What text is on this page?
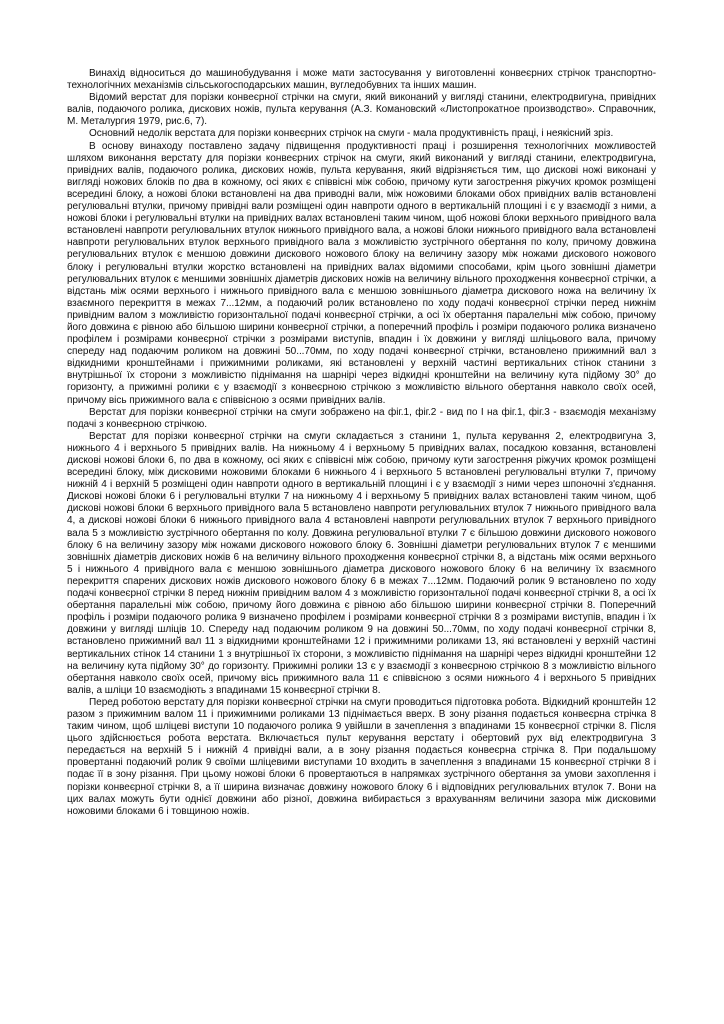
Винахід відноситься до машинобудування і може мати застосування у виготовленні конвеєрних стрічок транспортно-технологічних механізмів сільськогосподарських машин, вугледобувних та інших машин.

Відомий верстат для порізки конвеєрної стрічки на смуги, який виконаний у вигляді станини, електродвигуна, привідних валів, подаючого ролика, дискових ножів, пульта керування (А.З. Комановский «Листопрокатное производство». Справочник, М. Металургия 1979, рис.6, 7).

Основний недолік верстата для порізки конвеєрних стрічок на смуги - мала продуктивність праці, і неякісний зріз.

В основу винаходу поставлено задачу підвищення продуктивності праці і розширення технологічних можливостей шляхом виконання верстату для порізки конвеєрних стрічок на смуги, який виконаний у вигляді станини, електродвигуна, привідних валів, подаючого ролика, дискових ножів, пульта керування, який відрізняється тим, що дискові ножі виконані у вигляді ножових блоків по два в кожному, осі яких є співвісні між собою, причому кути загострення ріжучих кромок розміщені всередині блоку, а ножові блоки встановлені на два приводні вали, між ножовими блоками обох привідних валів встановлені регулювальні втулки, причому привідні вали розміщені один навпроти одного в вертикальній площині і є у взаємодії з ними, а ножові блоки і регулювальні втулки на привідних валах встановлені таким чином, щоб ножові блоки верхнього привідного вала встановлені навпроти регулювальних втулок нижнього привідного вала, а ножові блоки нижнього привідного вала встановлені навпроти регулювальних втулок верхнього привідного вала з можливістю зустрічного обертання по колу, причому довжина регулювальних втулок є меншою довжини дискового ножового блоку на величину зазору між ножами дискового ножового блоку і регулювальні втулки жорстко встановлені на привідних валах відомими способами, крім цього зовнішні діаметри регулювальних втулок є меншими зовнішніх діаметрів дискових ножів на величину вільного проходження конвеєрної стрічки, а відстань між осями верхнього і нижнього привідного вала є меншою зовнішнього діаметра дискового ножа на величину їх взаємного перекриття в межах 7...12мм, а подаючий ролик встановлено по ходу подачі конвеєрної стрічки перед нижнім привідним валом з можливістю горизонтальної подачі конвеєрної стрічки, а осі їх обертання паралельні між собою, причому його довжина є рівною або більшою ширини конвеєрної стрічки, а поперечний профіль і розміри подаючого ролика визначено профілем і розмірами конвеєрної стрічки з розмірами виступів, впадин і їх довжини у вигляді шліцьового вала, причому спереду над подаючим роликом на довжині 50...70мм, по ходу подачі конвеєрної стрічки, встановлено прижимний вал з відкидними кронштейнами і прижимними роликами, які встановлені у верхній частині вертикальних стінок станини з внутрішньої їх сторони з можливістю піднімання на шарнірі через відкидні кронштейни на величину кута підйому 30° до горизонту, а прижимні ролики є у взаємодії з конвеєрною стрічкою з можливістю вільного обертання навколо своїх осей, причому вісь прижимного вала є співвісною з осями привідних валів.

Верстат для порізки конвеєрної стрічки на смуги зображено на фіг.1, фіг.2 - вид по І на фіг.1, фіг.3 - взаємодія механізму подачі з конвеєрною стрічкою.

Верстат для порізки конвеєрної стрічки на смуги складається з станини 1, пульта керування 2, електродвигуна 3, нижнього 4 і верхнього 5 привідних валів. На нижньому 4 і верхньому 5 привідних валах, посадкою ковзання, встановлені дискові ножові блоки 6, по два в кожному, осі яких є співвісні між собою, причому кути загострення ріжучих кромок розміщені всередині блоку, між дисковими ножовими блоками 6 нижнього 4 і верхнього 5 встановлені регулювальні втулки 7, причому нижній 4 і верхній 5 розміщені один навпроти одного в вертикальній площині і є у взаємодії з ними через шпоночні з'єднання. Дискові ножові блоки 6 і регулювальні втулки 7 на нижньому 4 і верхньому 5 привідних валах встановлені таким чином, щоб дискові ножові блоки 6 верхнього привідного вала 5 встановлено навпроти регулювальних втулок 7 нижнього привідного вала 4, а дискові ножові блоки 6 нижнього привідного вала 4 встановлені навпроти регулювальних втулок 7 верхнього привідного вала 5 з можливістю зустрічного обертання по колу. Довжина регулювальної втулки 7 є більшою довжини дискового ножового блоку 6 на величину зазору між ножами дискового ножового блоку 6. Зовнішні діаметри регулювальних втулок 7 є меншими зовнішніх діаметрів дискових ножів 6 на величину вільного проходження конвеєрної стрічки 8, а відстань між осями верхнього 5 і нижнього 4 привідного вала є меншою зовнішнього діаметра дискового ножового блоку 6 на величину їх взаємного перекриття спарених дискових ножів дискового ножового блоку 6 в межах 7...12мм. Подаючий ролик 9 встановлено по ходу подачі конвеєрної стрічки 8 перед нижнім привідним валом 4 з можливістю горизонтальної подачі конвеєрної стрічки 8, а осі їх обертання паралельні між собою, причому його довжина є рівною або більшою ширини конвеєрної стрічки 8. Поперечний профіль і розміри подаючого ролика 9 визначено профілем і розмірами конвеєрної стрічки 8 з розмірами виступів, впадин і їх довжини у вигляді шліців 10. Спереду над подаючим роликом 9 на довжині 50...70мм, по ходу подачі конвеєрної стрічки 8, встановлено прижимний вал 11 з відкидними кронштейнами 12 і прижимними роликами 13, які встановлені у верхній частині вертикальних стінок 14 станини 1 з внутрішньої їх сторони, з можливістю піднімання на шарнірі через відкидні кронштейни 12 на величину кута підйому 30° до горизонту. Прижимні ролики 13 є у взаємодії з конвеєрною стрічкою 8 з можливістю вільного обертання навколо своїх осей, причому вісь прижимного вала 11 є співвісною з осями нижнього 4 і верхнього 5 привідних валів, а шліци 10 взаємодіють з впадинами 15 конвеєрної стрічки 8.

Перед роботою верстату для порізки конвеєрної стрічки на смуги проводиться підготовка робота. Відкидний кронштейн 12 разом з прижимним валом 11 і прижимними роликами 13 піднімається вверх. В зону різання подається конвеєрна стрічка 8 таким чином, щоб шліцеві виступи 10 подаючого ролика 9 увійшли в зачеплення з впадинами 15 конвеєрної стрічки 8. Після цього здійснюється робота верстата. Включається пульт керування верстату і обертовий рух від електродвигуна 3 передається на верхній 5 і нижній 4 привідні вали, а в зону різання подається конвеєрна стрічка 8. При подальшому провертанні подаючий ролик 9 своїми шліцевими виступами 10 входить в зачеплення з впадинами 15 конвеєрної стрічки 8 і подає її в зону різання. При цьому ножові блоки 6 провертаються в напрямках зустрічного обертання за умови захоплення і порізки конвеєрної стрічки 8, а її ширина визначає довжину ножового блоку 6 і відповідних регулювальних втулок 7. Вони на цих валах можуть бути однієї довжини або різної, довжина вибирається з врахуванням величини зазора між дисковими ножовими блоками 6 і товщиною ножів.
